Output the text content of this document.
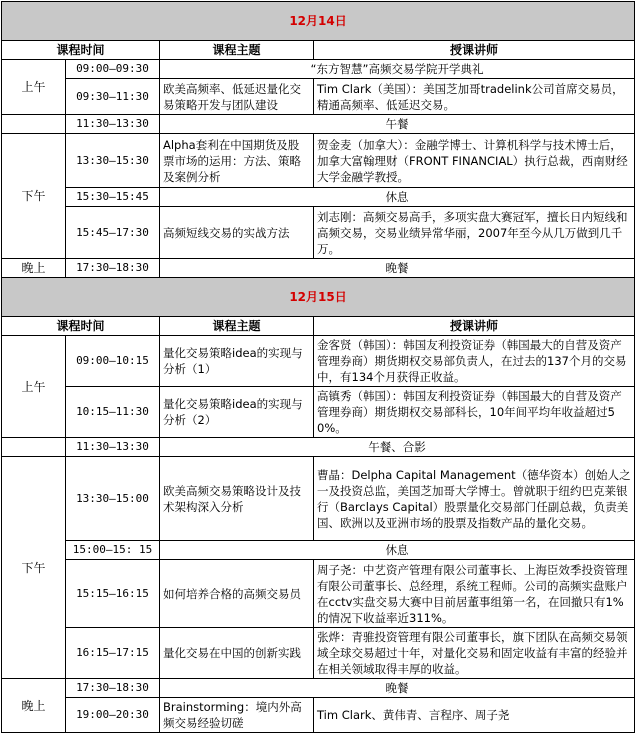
12月14日			
课程时间		课程主题	授课讲师
上午	09:00—09:30	“东方智慧”高频交易学院开学典礼	
	09:30—11:30	欧美高频率、低延迟量化交易策略开发与团队建设	Tim Clark（美国）：美国芝加哥tradelink公司首席交易员，精通高频率、低延迟交易。
	11:30—13:30	午餐	
下午	13:30—15:30	Alpha套利在中国期货及股票市场的运用：方法、策略及案例分析	贺金麦（加拿大）：金融学博士、计算机科学与技术博士后，加拿大富翰理财（FRONT FINANCIAL）执行总裁，西南财经大学金融学教授。
	15:30—15:45	休息	
	15:45—17:30	高频短线交易的实战方法	刘志刚：高频交易高手，多项实盘大赛冠军，擅长日内短线和高频交易，交易业绩异常华丽，2007年至今从几万做到几千万。
晚上	17:30—18:30	晚餐	
12月15日			
课程时间		课程主题	授课讲师
上午	09:00—10:15	量化交易策略idea的实现与分析（1）	金客贤（韩国）：韩国友利投资证券（韩国最大的自营及资产管理券商）期货期权交易部负责人，在过去的137个月的交易中，有134个月获得正收益。
	10:15—11:30	量化交易策略idea的实现与分析（2）	高镇秀（韩国）：韩国友利投资证券（韩国最大的自营及资产管理券商）期货期权交易部科长，10年间平均年收益超过50%。
	11:30—13:30	午餐、合影	
下午	13:30—15:00	欧美高频交易策略设计及技术架构深入分析	曹晶：Delpha Capital Management（德华资本）创始人之一及投资总监，美国芝加哥大学博士。曾就职于纽约巴克莱银行（Barclays Capital）股票量化交易部门任副总裁，负责美国、欧洲以及亚洲市场的股票及指数产品的量化交易。
	15:00—15: 15	休息	
	15:15—16:15	如何培养合格的高频交易员	周子尧：中艺资产管理有限公司董事长、上海臣效季投资管理有限公司董事长、总经理，系统工程师。公司的高频实盘账户在cctv实盘交易大赛中目前居董事组第一名，在回撤只有1%的情况下收益率近311%。
	16:15—17:15	量化交易在中国的创新实践	张烨：青骓投资管理有限公司董事长，旗下团队在高频交易领域全球交易超过十年，对量化交易和固定收益有丰富的经验并在相关领域取得丰厚的收益。
晚上	17:30—18:30	晚餐	
	19:00—20:30	Brainstorming：境内外高频交易经验切磋	Tim Clark、黄伟青、言程序、周子尧
